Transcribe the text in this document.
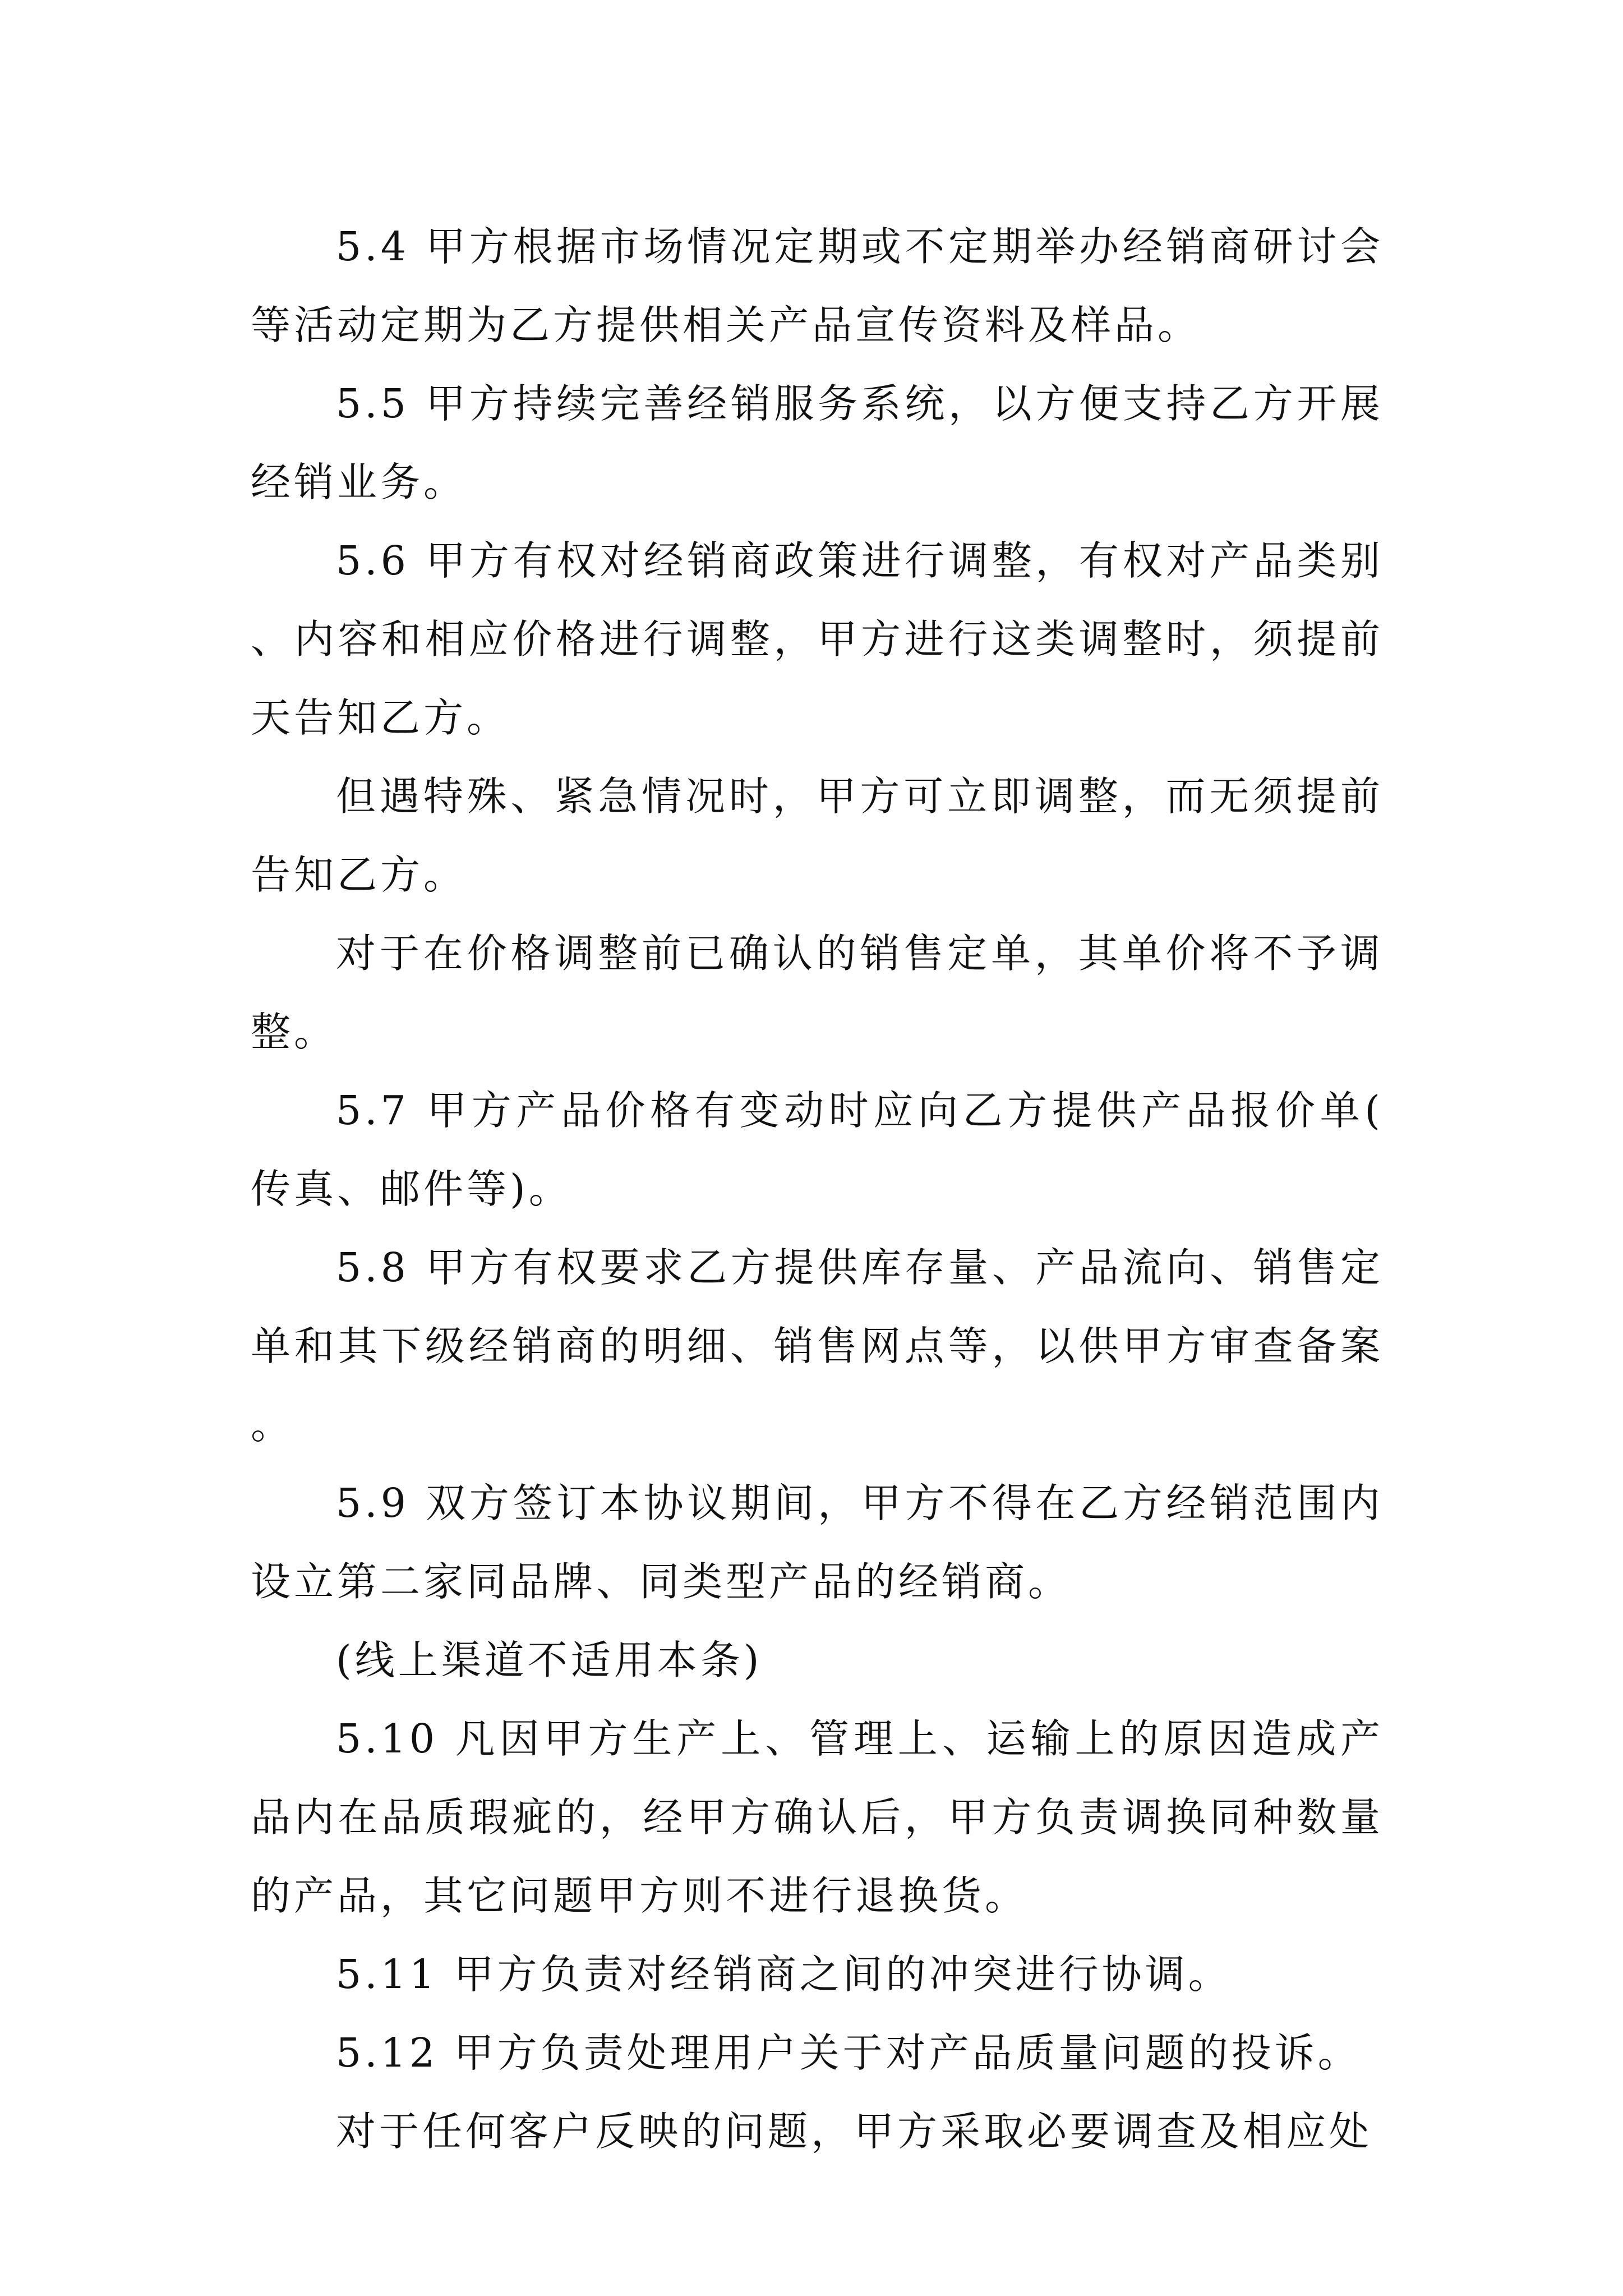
5.4 甲方根据市场情况定期或不定期举办经销商研讨会等活动定期为乙方提供相关产品宣传资料及样品。

5.5 甲方持续完善经销服务系统，以方便支持乙方开展经销业务。

5.6 甲方有权对经销商政策进行调整，有权对产品类别、内容和相应价格进行调整，甲方进行这类调整时，须提前天告知乙方。

但遇特殊、紧急情况时，甲方可立即调整，而无须提前告知乙方。

对于在价格调整前已确认的销售定单，其单价将不予调整。

5.7 甲方产品价格有变动时应向乙方提供产品报价单(传真、邮件等)。

5.8 甲方有权要求乙方提供库存量、产品流向、销售定单和其下级经销商的明细、销售网点等，以供甲方审查备案。

5.9 双方签订本协议期间，甲方不得在乙方经销范围内设立第二家同品牌、同类型产品的经销商。

(线上渠道不适用本条)

5.10 凡因甲方生产上、管理上、运输上的原因造成产品内在品质瑕疵的，经甲方确认后，甲方负责调换同种数量的产品，其它问题甲方则不进行退换货。

5.11 甲方负责对经销商之间的冲突进行协调。

5.12 甲方负责处理用户关于对产品质量问题的投诉。

对于任何客户反映的问题，甲方采取必要调查及相应处
